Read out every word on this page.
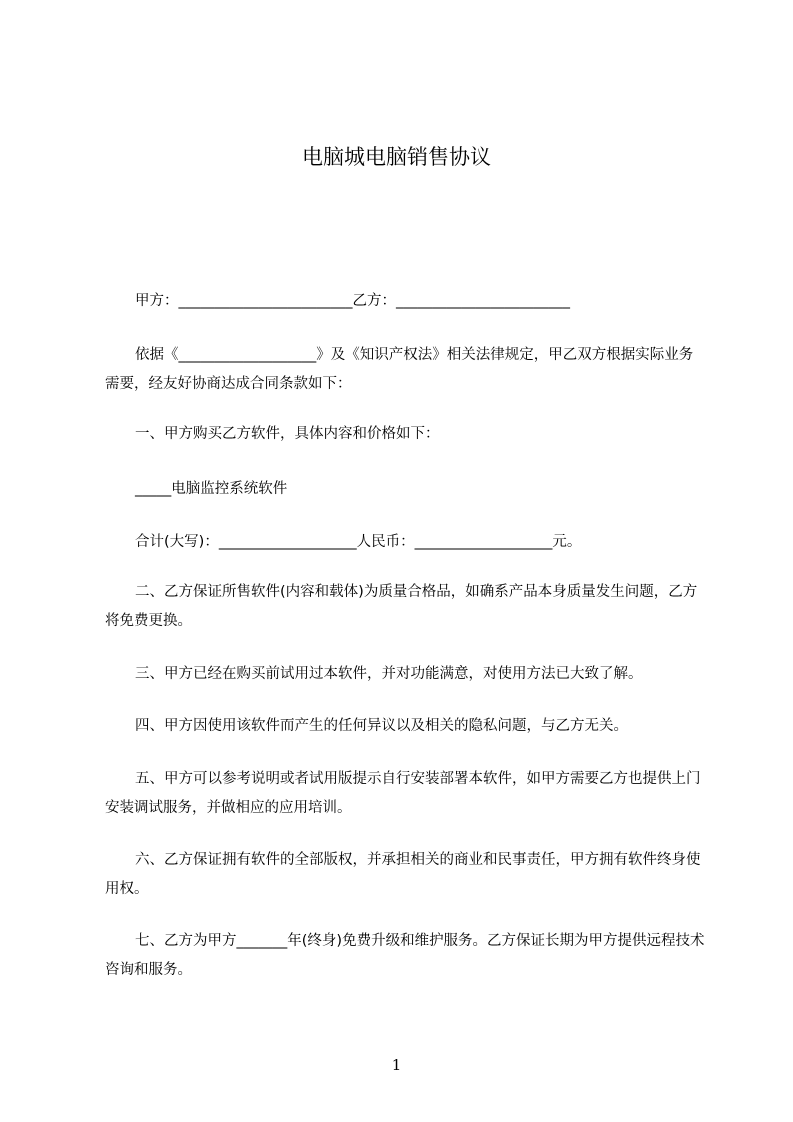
电脑城电脑销售协议
甲方：________________________乙方：________________________
依据《___________________》及《知识产权法》相关法律规定，甲乙双方根据实际业务需要，经友好协商达成合同条款如下：
一、甲方购买乙方软件，具体内容和价格如下：
_____电脑监控系统软件
合计(大写)：___________________人民币：___________________元。
二、乙方保证所售软件(内容和载体)为质量合格品，如确系产品本身质量发生问题，乙方将免费更换。
三、甲方已经在购买前试用过本软件，并对功能满意，对使用方法已大致了解。
四、甲方因使用该软件而产生的任何异议以及相关的隐私问题，与乙方无关。
五、甲方可以参考说明或者试用版提示自行安装部署本软件，如甲方需要乙方也提供上门安装调试服务，并做相应的应用培训。
六、乙方保证拥有软件的全部版权，并承担相关的商业和民事责任，甲方拥有软件终身使用权。
七、乙方为甲方_______年(终身)免费升级和维护服务。乙方保证长期为甲方提供远程技术咨询和服务。
1
